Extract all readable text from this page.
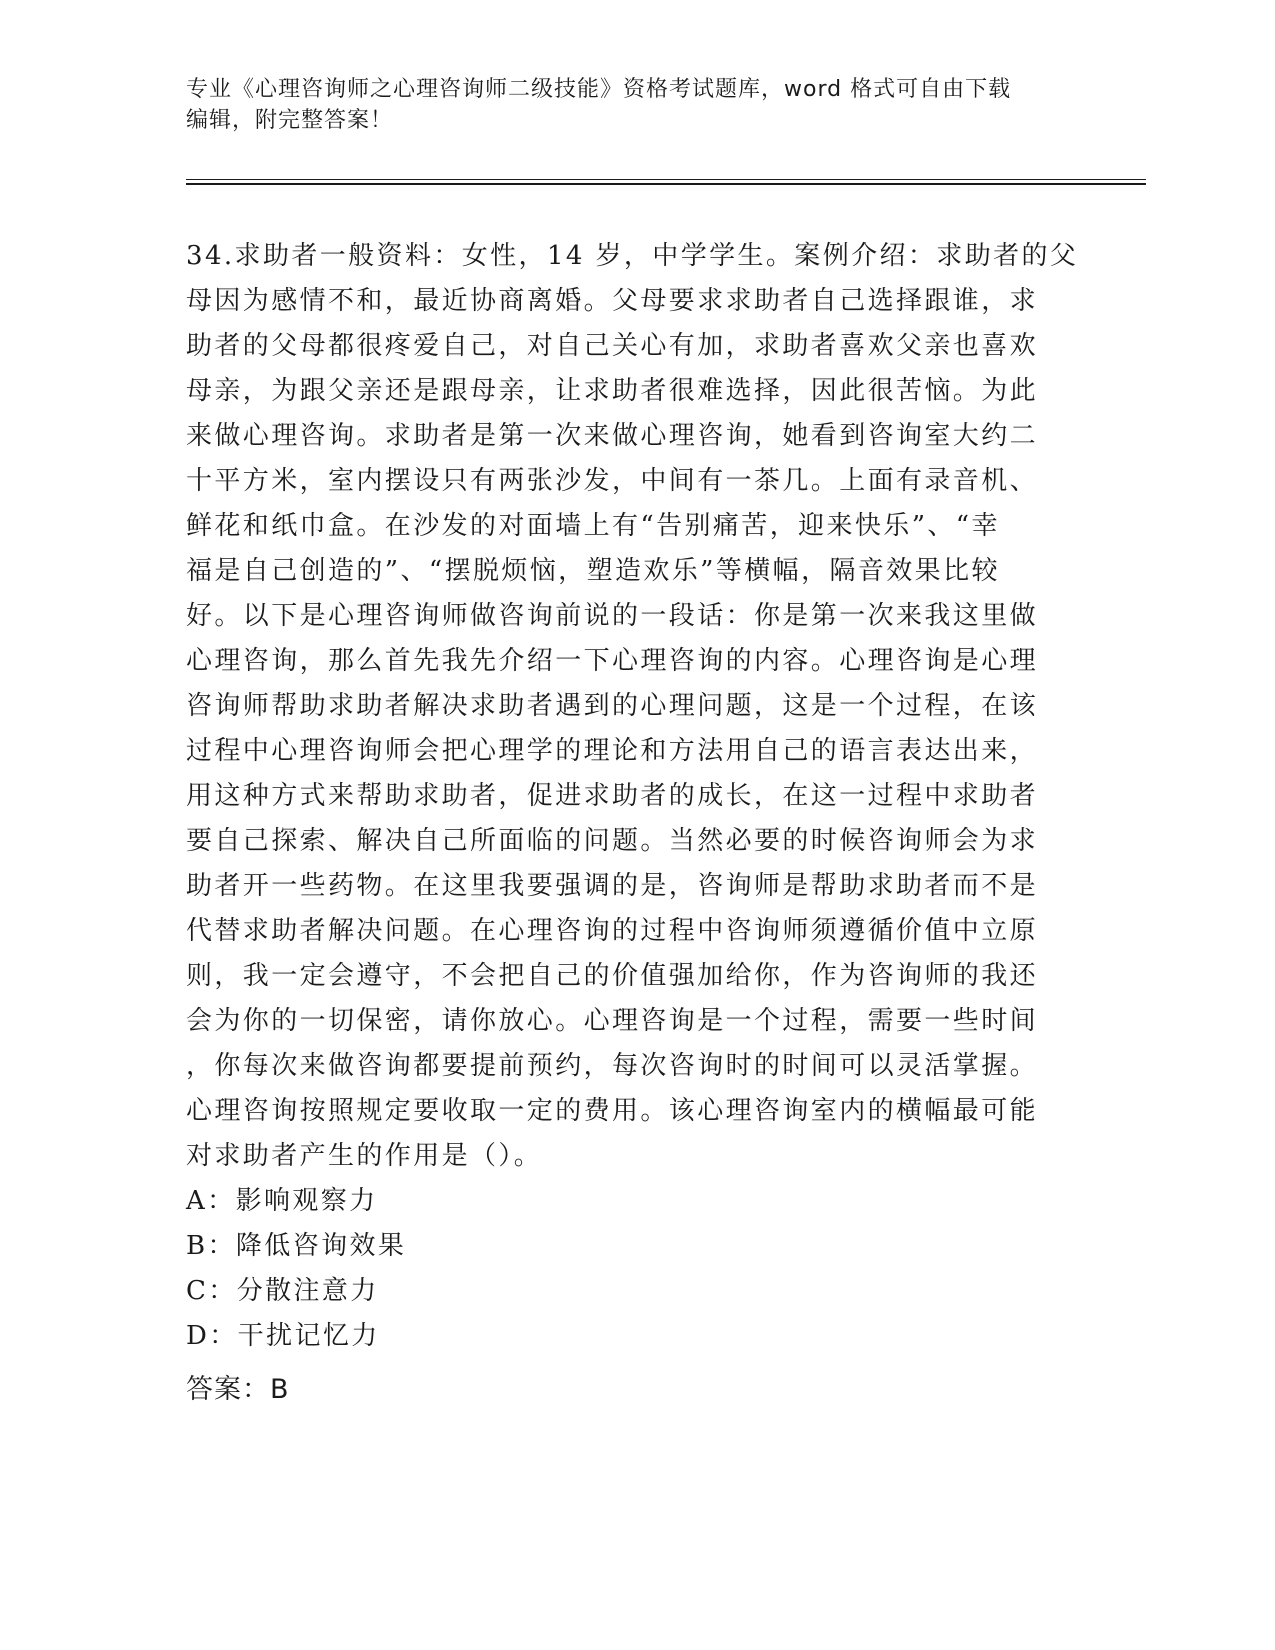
专业《心理咨询师之心理咨询师二级技能》资格考试题库，word 格式可自由下载
编辑，附完整答案！
34.求助者一般资料：女性，14 岁，中学学生。案例介绍：求助者的父
母因为感情不和，最近协商离婚。父母要求求助者自己选择跟谁，求
助者的父母都很疼爱自己，对自己关心有加，求助者喜欢父亲也喜欢
母亲，为跟父亲还是跟母亲，让求助者很难选择，因此很苦恼。为此
来做心理咨询。求助者是第一次来做心理咨询，她看到咨询室大约二
十平方米，室内摆设只有两张沙发，中间有一茶几。上面有录音机、
鲜花和纸巾盒。在沙发的对面墙上有“告别痛苦，迎来快乐”、“幸
福是自己创造的”、“摆脱烦恼，塑造欢乐”等横幅，隔音效果比较
好。以下是心理咨询师做咨询前说的一段话：你是第一次来我这里做
心理咨询，那么首先我先介绍一下心理咨询的内容。心理咨询是心理
咨询师帮助求助者解决求助者遇到的心理问题，这是一个过程，在该
过程中心理咨询师会把心理学的理论和方法用自己的语言表达出来，
用这种方式来帮助求助者，促进求助者的成长，在这一过程中求助者
要自己探索、解决自己所面临的问题。当然必要的时候咨询师会为求
助者开一些药物。在这里我要强调的是，咨询师是帮助求助者而不是
代替求助者解决问题。在心理咨询的过程中咨询师须遵循价值中立原
则，我一定会遵守，不会把自己的价值强加给你，作为咨询师的我还
会为你的一切保密，请你放心。心理咨询是一个过程，需要一些时间
，你每次来做咨询都要提前预约，每次咨询时的时间可以灵活掌握。
心理咨询按照规定要收取一定的费用。该心理咨询室内的横幅最可能
对求助者产生的作用是（）。
A：影响观察力
B：降低咨询效果
C：分散注意力
D：干扰记忆力
答案：B
